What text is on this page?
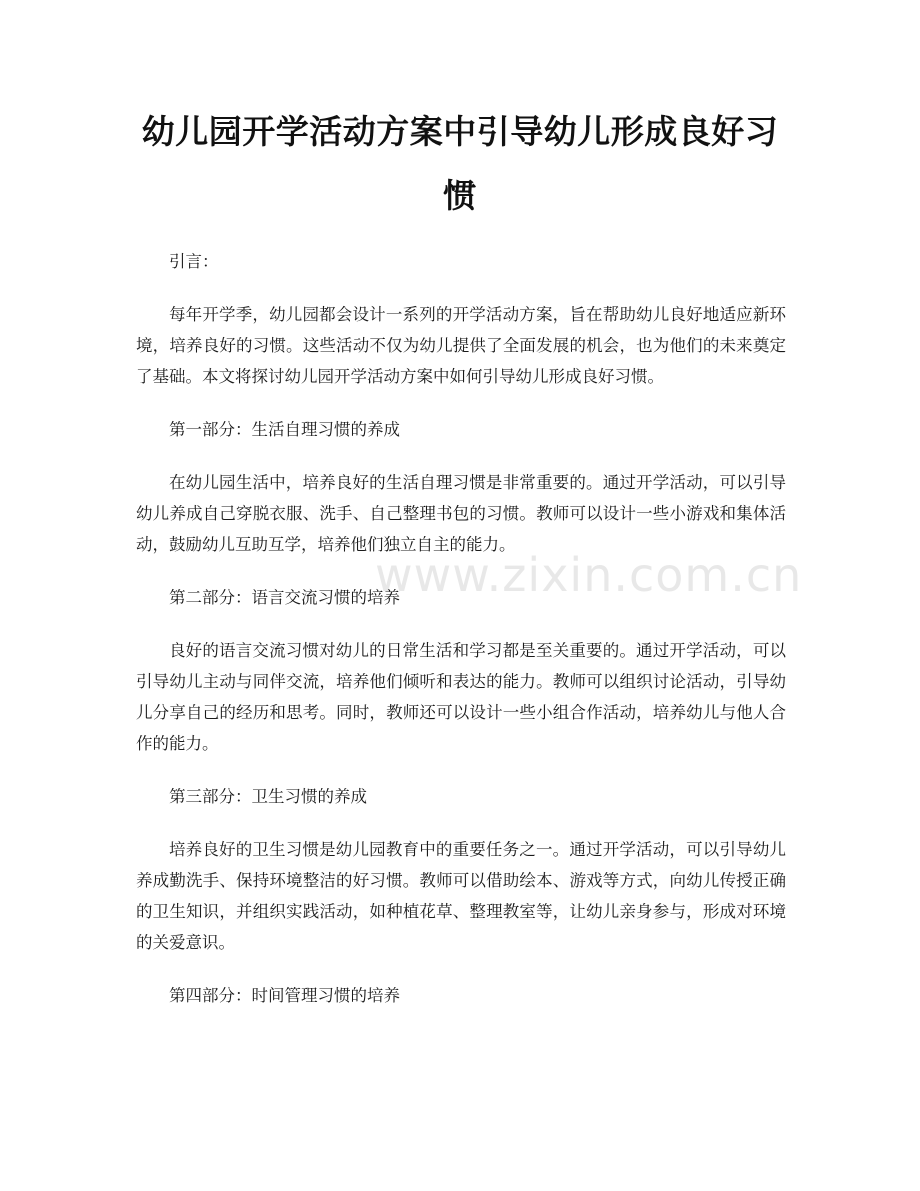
幼儿园开学活动方案中引导幼儿形成良好习惯

引言：

每年开学季，幼儿园都会设计一系列的开学活动方案，旨在帮助幼儿良好地适应新环境，培养良好的习惯。这些活动不仅为幼儿提供了全面发展的机会，也为他们的未来奠定了基础。本文将探讨幼儿园开学活动方案中如何引导幼儿形成良好习惯。

第一部分：生活自理习惯的养成

在幼儿园生活中，培养良好的生活自理习惯是非常重要的。通过开学活动，可以引导幼儿养成自己穿脱衣服、洗手、自己整理书包的习惯。教师可以设计一些小游戏和集体活动，鼓励幼儿互助互学，培养他们独立自主的能力。

第二部分：语言交流习惯的培养

良好的语言交流习惯对幼儿的日常生活和学习都是至关重要的。通过开学活动，可以引导幼儿主动与同伴交流，培养他们倾听和表达的能力。教师可以组织讨论活动，引导幼儿分享自己的经历和思考。同时，教师还可以设计一些小组合作活动，培养幼儿与他人合作的能力。

第三部分：卫生习惯的养成

培养良好的卫生习惯是幼儿园教育中的重要任务之一。通过开学活动，可以引导幼儿养成勤洗手、保持环境整洁的好习惯。教师可以借助绘本、游戏等方式，向幼儿传授正确的卫生知识，并组织实践活动，如种植花草、整理教室等，让幼儿亲身参与，形成对环境的关爱意识。

第四部分：时间管理习惯的培养

www.zixin.com.cn
